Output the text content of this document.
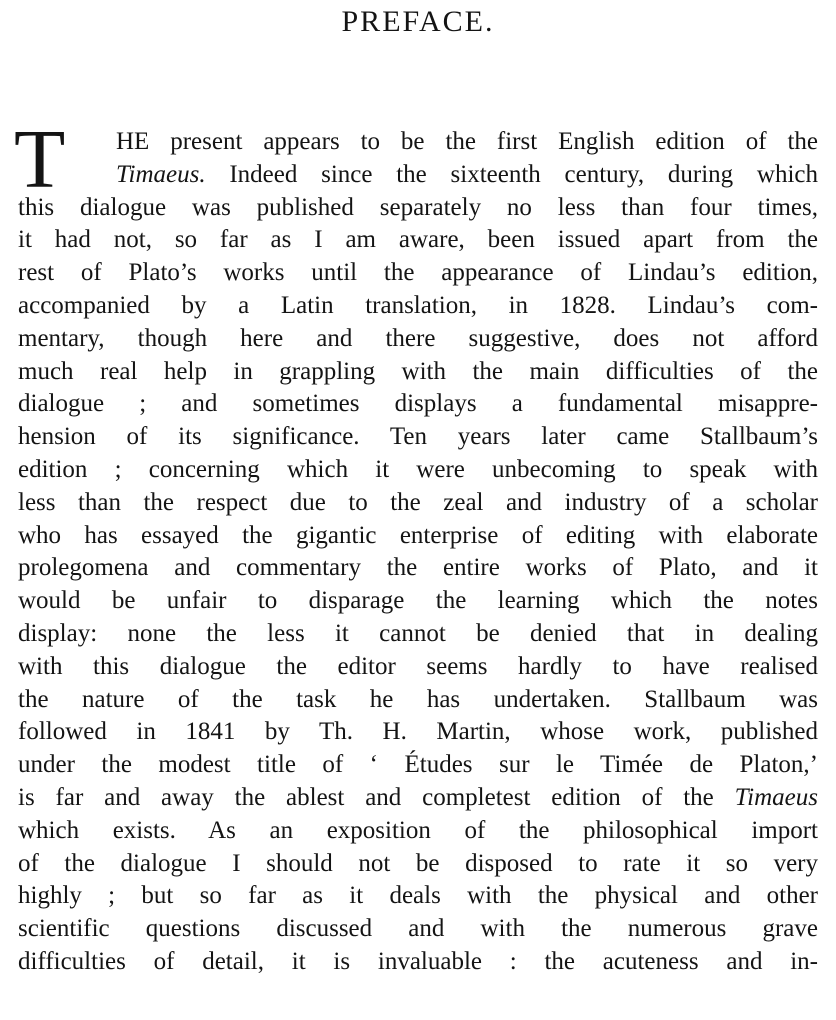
PREFACE.
T HE present appears to be the first English edition of the
Timaeus. Indeed since the sixteenth century, during which
this dialogue was published separately no less than four times,
it had not, so far as I am aware, been issued apart from the
rest of Plato’s works until the appearance of Lindau’s edition,
accompanied by a Latin translation, in 1828. Lindau’s com-
mentary, though here and there suggestive, does not afford
much real help in grappling with the main difficulties of the
dialogue ; and sometimes displays a fundamental misappre-
hension of its significance. Ten years later came Stallbaum’s
edition ; concerning which it were unbecoming to speak with
less than the respect due to the zeal and industry of a scholar
who has essayed the gigantic enterprise of editing with elaborate
prolegomena and commentary the entire works of Plato, and it
would be unfair to disparage the learning which the notes
display: none the less it cannot be denied that in dealing
with this dialogue the editor seems hardly to have realised
the nature of the task he has undertaken. Stallbaum was
followed in 1841 by Th. H. Martin, whose work, published
under the modest title of ‘ Études sur le Timée de Platon,’
is far and away the ablest and completest edition of the Timaeus
which exists. As an exposition of the philosophical import
of the dialogue I should not be disposed to rate it so very
highly ; but so far as it deals with the physical and other
scientific questions discussed and with the numerous grave
difficulties of detail, it is invaluable : the acuteness and in-
